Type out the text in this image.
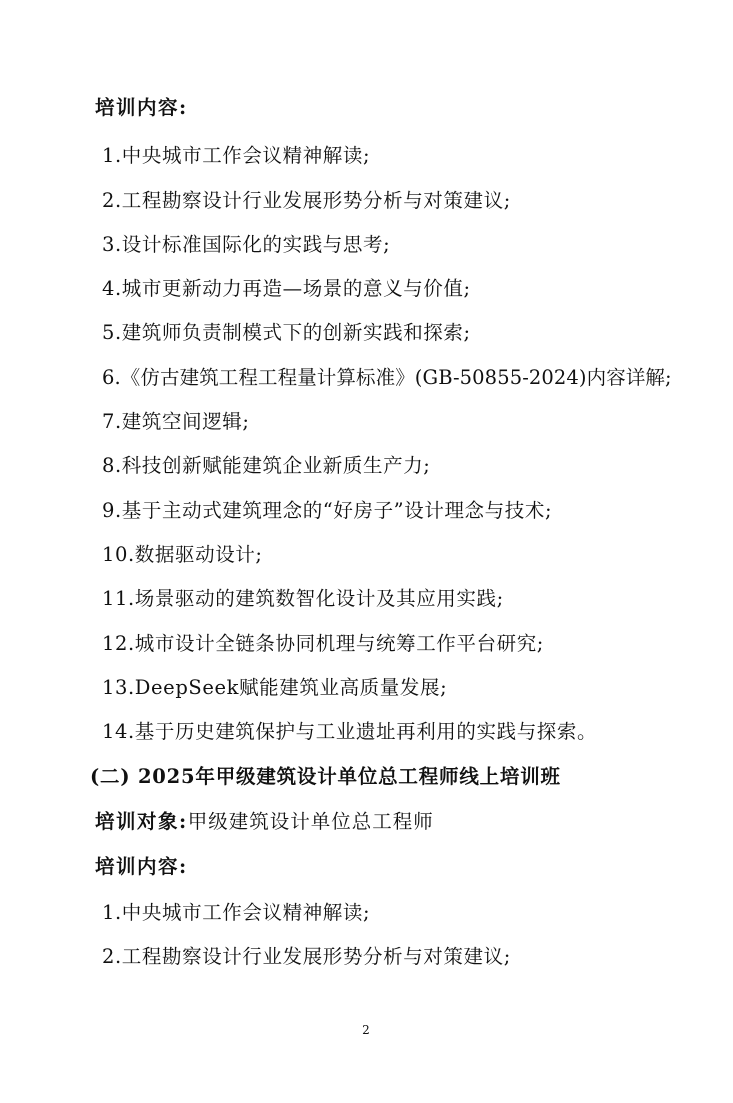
培训内容:
1.中央城市工作会议精神解读;
2.工程勘察设计行业发展形势分析与对策建议;
3.设计标准国际化的实践与思考;
4.城市更新动力再造—场景的意义与价值;
5.建筑师负责制模式下的创新实践和探索;
6.《仿古建筑工程工程量计算标准》(GB-50855-2024)内容详解;
7.建筑空间逻辑;
8.科技创新赋能建筑企业新质生产力;
9.基于主动式建筑理念的“好房子”设计理念与技术;
10.数据驱动设计;
11.场景驱动的建筑数智化设计及其应用实践;
12.城市设计全链条协同机理与统筹工作平台研究;
13.DeepSeek赋能建筑业高质量发展;
14.基于历史建筑保护与工业遗址再利用的实践与探索。
(二) 2025年甲级建筑设计单位总工程师线上培训班
培训对象:甲级建筑设计单位总工程师
培训内容:
1.中央城市工作会议精神解读;
2.工程勘察设计行业发展形势分析与对策建议;
2
